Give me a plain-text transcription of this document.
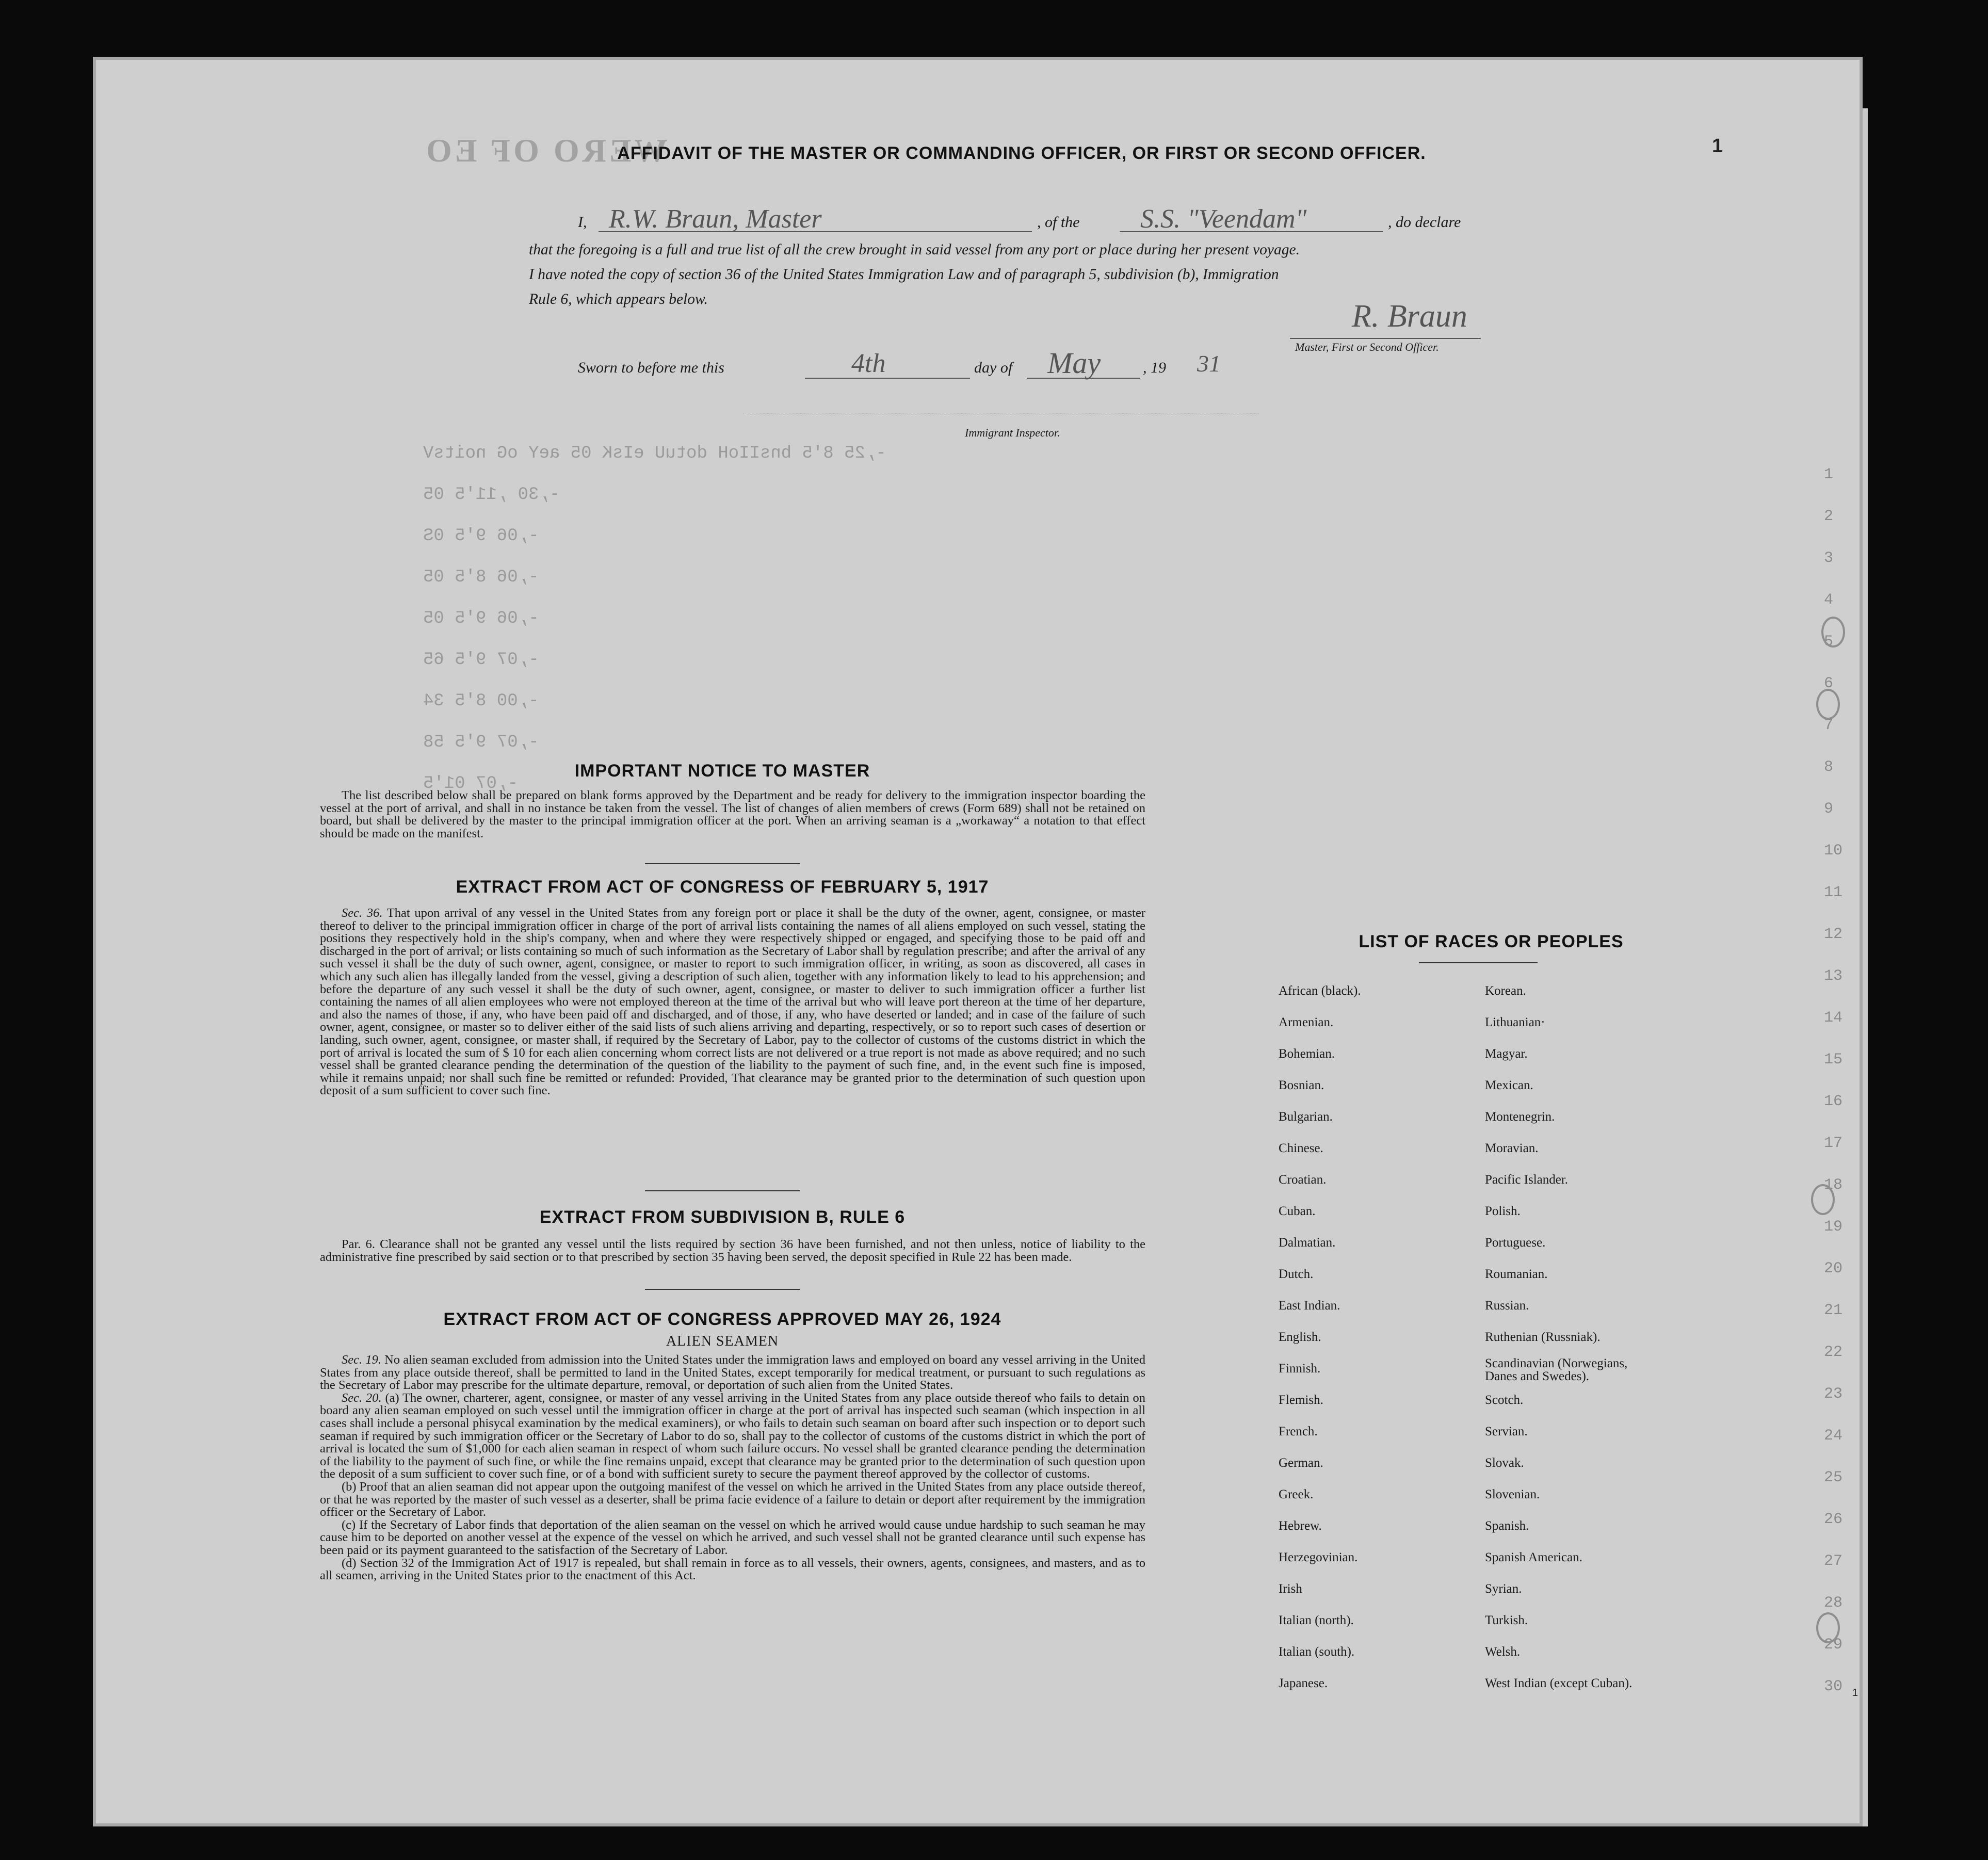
WERO OF EO
-,25 8'5 bnsIIoH dotuU eIsK 05 aeY oG noitsV
-,30 ,11'5 05
-,06 9'5 0S
-,06 8'5 05
-,06 9'5 05
-,07 9'5 65
-,00 8'5 34
-,07 9'5 58
-,07 01'5
1
2
3
4
5
6
7
8
9
10
11
12
13
14
15
16
17
18
19
20
21
22
23
24
25
26
27
28
29
30
1
1
AFFIDAVIT OF THE MASTER OR COMMANDING OFFICER, OR FIRST OR SECOND OFFICER.
I, R.W. Braun, Master	, of the S.S. "Veendam"	, do declare
that the foregoing is a full and true list of all the crew brought in said vessel from any port or place during her present voyage.
I have noted the copy of section 36 of the United States Immigration Law and of paragraph 5, subdivision (b), Immigration
Rule 6, which appears below.	R. Braun
Master, First or Second Officer.
Sworn to before me this	4th	day of May	, 19 31
Immigrant Inspector.
IMPORTANT NOTICE TO MASTER

The list described below shall be prepared on blank forms approved by the Department and be ready for delivery to the immigration inspector boarding the vessel at the port of arrival, and shall in no instance be taken from the vessel. The list of changes of alien members of crews (Form 689) shall not be retained on board, but shall be delivered by the master to the principal immigration officer at the port. When an arriving seaman is a „workaway“ a notation to that effect should be made on the manifest.

EXTRACT FROM ACT OF CONGRESS OF FEBRUARY 5, 1917

Sec. 36. That upon arrival of any vessel in the United States from any foreign port or place it shall be the duty of the owner, agent, consignee, or master thereof to deliver to the principal immigration officer in charge of the port of arrival lists containing the names of all aliens employed on such vessel, stating the positions they respectively hold in the ship's company, when and where they were respectively shipped or engaged, and specifying those to be paid off and discharged in the port of arrival; or lists containing so much of such information as the Secretary of Labor shall by regulation prescribe; and after the arrival of any such vessel it shall be the duty of such owner, agent, consignee, or master to report to such immigration officer, in writing, as soon as discovered, all cases in which any such alien has illegally landed from the vessel, giving a description of such alien, together with any information likely to lead to his apprehension; and before the departure of any such vessel it shall be the duty of such owner, agent, consignee, or master to deliver to such immigration officer a further list containing the names of all alien employees who were not employed thereon at the time of the arrival but who will leave port thereon at the time of her departure, and also the names of those, if any, who have been paid off and discharged, and of those, if any, who have deserted or landed; and in case of the failure of such owner, agent, consignee, or master so to deliver either of the said lists of such aliens arriving and departing, respectively, or so to report such cases of desertion or landing, such owner, agent, consignee, or master shall, if required by the Secretary of Labor, pay to the collector of customs of the customs district in which the port of arrival is located the sum of $ 10 for each alien concerning whom correct lists are not delivered or a true report is not made as above required; and no such vessel shall be granted clearance pending the determination of the question of the liability to the payment of such fine, and, in the event such fine is imposed, while it remains unpaid; nor shall such fine be remitted or refunded: Provided, That clearance may be granted prior to the determination of such question upon deposit of a sum sufficient to cover such fine.

EXTRACT FROM SUBDIVISION B, RULE 6

Par. 6. Clearance shall not be granted any vessel until the lists required by section 36 have been furnished, and not then unless, notice of liability to the administrative fine prescribed by said section or to that prescribed by section 35 having been served, the deposit specified in Rule 22 has been made.

EXTRACT FROM ACT OF CONGRESS APPROVED MAY 26, 1924
ALIEN SEAMEN

Sec. 19. No alien seaman excluded from admission into the United States under the immigration laws and employed on board any vessel arriving in the United States from any place outside thereof, shall be permitted to land in the United States, except temporarily for medical treatment, or pursuant to such regulations as the Secretary of Labor may prescribe for the ultimate departure, removal, or deportation of such alien from the United States.

Sec. 20. (a) The owner, charterer, agent, consignee, or master of any vessel arriving in the United States from any place outside thereof who fails to detain on board any alien seaman employed on such vessel until the immigration officer in charge at the port of arrival has inspected such seaman (which inspection in all cases shall include a personal phisycal examination by the medical examiners), or who fails to detain such seaman on board after such inspection or to deport such seaman if required by such immigration officer or the Secretary of Labor to do so, shall pay to the collector of customs of the customs district in which the port of arrival is located the sum of $1,000 for each alien seaman in respect of whom such failure occurs. No vessel shall be granted clearance pending the determination of the liability to the payment of such fine, or while the fine remains unpaid, except that clearance may be granted prior to the determination of such question upon the deposit of a sum sufficient to cover such fine, or of a bond with sufficient surety to secure the payment thereof approved by the collector of customs.

(b) Proof that an alien seaman did not appear upon the outgoing manifest of the vessel on which he arrived in the United States from any place outside thereof, or that he was reported by the master of such vessel as a deserter, shall be prima facie evidence of a failure to detain or deport after requirement by the immigration officer or the Secretary of Labor.

(c) If the Secretary of Labor finds that deportation of the alien seaman on the vessel on which he arrived would cause undue hardship to such seaman he may cause him to be deported on another vessel at the expence of the vessel on which he arrived, and such vessel shall not be granted clearance until such expense has been paid or its payment guaranteed to the satisfaction of the Secretary of Labor.

(d) Section 32 of the Immigration Act of 1917 is repealed, but shall remain in force as to all vessels, their owners, agents, consignees, and masters, and as to all seamen, arriving in the United States prior to the enactment of this Act.

LIST OF RACES OR PEOPLES
African (black).
Armenian.
Bohemian.
Bosnian.
Bulgarian.
Chinese.
Croatian.
Cuban.
Dalmatian.
Dutch.
East Indian.
English.
Finnish.
Flemish.
French.
German.
Greek.
Hebrew.
Herzegovinian.
Irish
Italian (north).
Italian (south).
Japanese.
Korean.
Lithuanian·
Magyar.
Mexican.
Montenegrin.
Moravian.
Pacific Islander.
Polish.
Portuguese.
Roumanian.
Russian.
Ruthenian (Russniak).
Scandinavian (Norwegians, Danes and Swedes).
Scotch.
Servian.
Slovak.
Slovenian.
Spanish.
Spanish American.
Syrian.
Turkish.
Welsh.
West Indian (except Cuban).
